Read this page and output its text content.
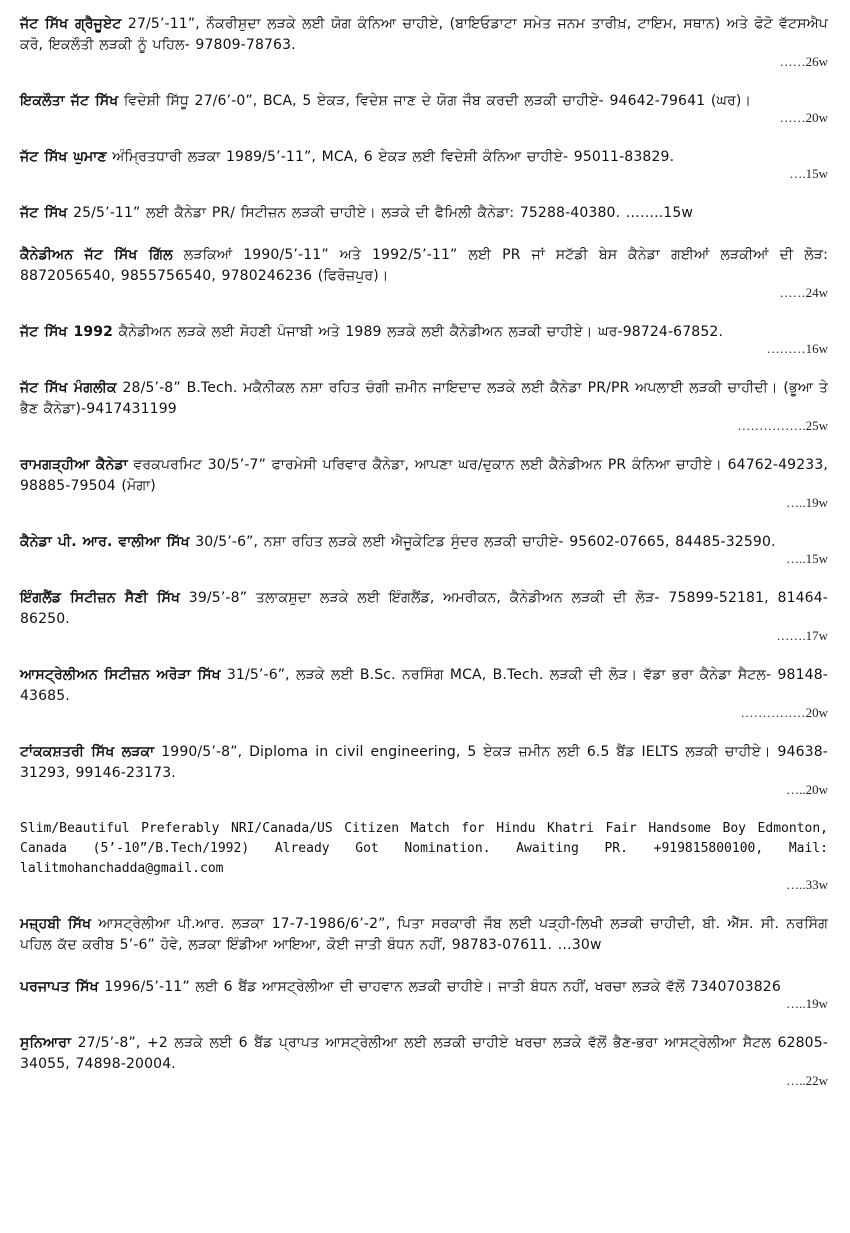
ਜੱਟ ਸਿੱਖ ਗ੍ਰੈਜੂਏਟ 27/5’-11”, ਨੌਕਰੀਸ਼ੁਦਾ ਲੜਕੇ ਲਈ ਯੋਗ ਕੰਨਿਆ ਚਾਹੀਏ, (ਬਾਇਓਡਾਟਾ ਸਮੇਤ ਜਨਮ ਤਾਰੀਖ਼, ਟਾਇਮ, ਸਥਾਨ) ਅਤੇ ਫੋਟੋ ਵੱਟਸਐਪ ਕਰੋ, ਇਕਲੌਤੀ ਲੜਕੀ ਨੂੰ ਪਹਿਲ- 97809-78763.
……26w
ਇਕਲੌਤਾ ਜੱਟ ਸਿੱਖ ਵਿਦੇਸ਼ੀ ਸਿੱਧੂ 27/6’-0”, BCA, 5 ਏਕੜ, ਵਿਦੇਸ਼ ਜਾਣ ਦੇ ਯੋਗ ਜੌਬ ਕਰਦੀ ਲੜਕੀ ਚਾਹੀਏ- 94642-79641 (ਘਰ)।
……20w
ਜੱਟ ਸਿੱਖ ਘੁਮਾਣ ਅੰਮ੍ਰਿਤਧਾਰੀ ਲੜਕਾ 1989/5’-11”, MCA, 6 ਏਕੜ ਲਈ ਵਿਦੇਸ਼ੀ ਕੰਨਿਆ ਚਾਹੀਏ- 95011-83829.
….15w
ਜੱਟ ਸਿੱਖ 25/5’-11” ਲਈ ਕੈਨੇਡਾ PR/ ਸਿਟੀਜ਼ਨ ਲੜਕੀ ਚਾਹੀਏ। ਲੜਕੇ ਦੀ ਫੈਮਿਲੀ ਕੈਨੇਡਾ: 75288-40380. ……..15w
ਕੈਨੇਡੀਅਨ ਜੱਟ ਸਿੱਖ ਗਿੱਲ ਲੜਕਿਆਂ 1990/5’-11” ਅਤੇ 1992/5’-11” ਲਈ PR ਜਾਂ ਸਟੱਡੀ ਬੇਸ ਕੈਨੇਡਾ ਗਈਆਂ ਲੜਕੀਆਂ ਦੀ ਲੋੜ: 8872056540, 9855756540, 9780246236 (ਫਿਰੋਜ਼ਪੁਰ)।
……24w
ਜੱਟ ਸਿੱਖ 1992 ਕੈਨੇਡੀਅਨ ਲੜਕੇ ਲਈ ਸੋਹਣੀ ਪੰਜਾਬੀ ਅਤੇ 1989 ਲੜਕੇ ਲਈ ਕੈਨੇਡੀਅਨ ਲੜਕੀ ਚਾਹੀਏ। ਘਰ-98724-67852.
………16w
ਜੱਟ ਸਿੱਖ ਮੰਗਲੀਕ 28/5’-8” B.Tech. ਮਕੈਨੀਕਲ ਨਸ਼ਾ ਰਹਿਤ ਚੰਗੀ ਜ਼ਮੀਨ ਜਾਇਦਾਦ ਲੜਕੇ ਲਈ ਕੈਨੇਡਾ PR/PR ਅਪਲਾਈ ਲੜਕੀ ਚਾਹੀਦੀ। (ਭੂਆ ਤੇ ਭੈਣ ਕੈਨੇਡਾ)-9417431199
…………….25w
ਰਾਮਗੜ੍ਹੀਆ ਕੈਨੇਡਾ ਵਰਕਪਰਮਿਟ 30/5’-7” ਫਾਰਮੇਸੀ ਪਰਿਵਾਰ ਕੈਨੇਡਾ, ਆਪਣਾ ਘਰ/ਦੁਕਾਨ ਲਈ ਕੈਨੇਡੀਅਨ PR ਕੰਨਿਆ ਚਾਹੀਏ। 64762-49233, 98885-79504 (ਮੋਗਾ)
…..19w
ਕੈਨੇਡਾ ਪੀ. ਆਰ. ਵਾਲੀਆ ਸਿੱਖ 30/5’-6”, ਨਸ਼ਾ ਰਹਿਤ ਲੜਕੇ ਲਈ ਐਜੂਕੇਟਿਡ ਸੁੰਦਰ ਲੜਕੀ ਚਾਹੀਏ- 95602-07665, 84485-32590.
…..15w
ਇੰਗਲੈਂਡ ਸਿਟੀਜ਼ਨ ਸੈਣੀ ਸਿੱਖ 39/5’-8” ਤਲਾਕਸ਼ੁਦਾ ਲੜਕੇ ਲਈ ਇੰਗਲੈਂਡ, ਅਮਰੀਕਨ, ਕੈਨੇਡੀਅਨ ਲੜਕੀ ਦੀ ਲੋੜ- 75899-52181, 81464-86250.
…….17w
ਆਸਟ੍ਰੇਲੀਅਨ ਸਿਟੀਜ਼ਨ ਅਰੋੜਾ ਸਿੱਖ 31/5’-6”, ਲੜਕੇ ਲਈ B.Sc. ਨਰਸਿੰਗ MCA, B.Tech. ਲੜਕੀ ਦੀ ਲੋੜ। ਵੱਡਾ ਭਰਾ ਕੈਨੇਡਾ ਸੈਟਲ- 98148-43685.
……………20w
ਟਾਂਕਕਸ਼ਤਰੀ ਸਿੱਖ ਲੜਕਾ 1990/5’-8”, Diploma in civil engineering, 5 ਏਕੜ ਜ਼ਮੀਨ ਲਈ 6.5 ਬੈਂਡ IELTS ਲੜਕੀ ਚਾਹੀਏ। 94638-31293, 99146-23173.
…..20w
Slim/Beautiful Preferably NRI/Canada/US Citizen Match for Hindu Khatri Fair Handsome Boy Edmonton, Canada (5’-10”/B.Tech/1992) Already Got Nomination. Awaiting PR. +919815800100, Mail: lalitmohanchadda@gmail.com
…..33w
ਮਜ਼੍ਹਬੀ ਸਿੱਖ ਆਸਟ੍ਰੇਲੀਆ ਪੀ.ਆਰ. ਲੜਕਾ 17-7-1986/6’-2”, ਪਿਤਾ ਸਰਕਾਰੀ ਜੌਬ ਲਈ ਪੜ੍ਹੀ-ਲਿਖੀ ਲੜਕੀ ਚਾਹੀਦੀ, ਬੀ. ਐੱਸ. ਸੀ. ਨਰਸਿੰਗ ਪਹਿਲ ਕੱਦ ਕਰੀਬ 5’-6” ਹੋਵੇ, ਲੜਕਾ ਇੰਡੀਆ ਆਇਆ, ਕੋਈ ਜਾਤੀ ਬੰਧਨ ਨਹੀਂ, 98783-07611. …30w
ਪਰਜਾਪਤ ਸਿੱਖ 1996/5’-11” ਲਈ 6 ਬੈਂਡ ਆਸਟ੍ਰੇਲੀਆ ਦੀ ਚਾਹਵਾਨ ਲੜਕੀ ਚਾਹੀਏ। ਜਾਤੀ ਬੰਧਨ ਨਹੀਂ, ਖਰਚਾ ਲੜਕੇ ਵੱਲੋਂ 7340703826
…..19w
ਸੁਨਿਆਰਾ 27/5’-8”, +2 ਲੜਕੇ ਲਈ 6 ਬੈਂਡ ਪ੍ਰਾਪਤ ਆਸਟ੍ਰੇਲੀਆ ਲਈ ਲੜਕੀ ਚਾਹੀਏ ਖਰਚਾ ਲੜਕੇ ਵੱਲੋਂ ਭੈਣ-ਭਰਾ ਆਸਟ੍ਰੇਲੀਆ ਸੈਟਲ 62805-34055, 74898-20004.
…..22w
